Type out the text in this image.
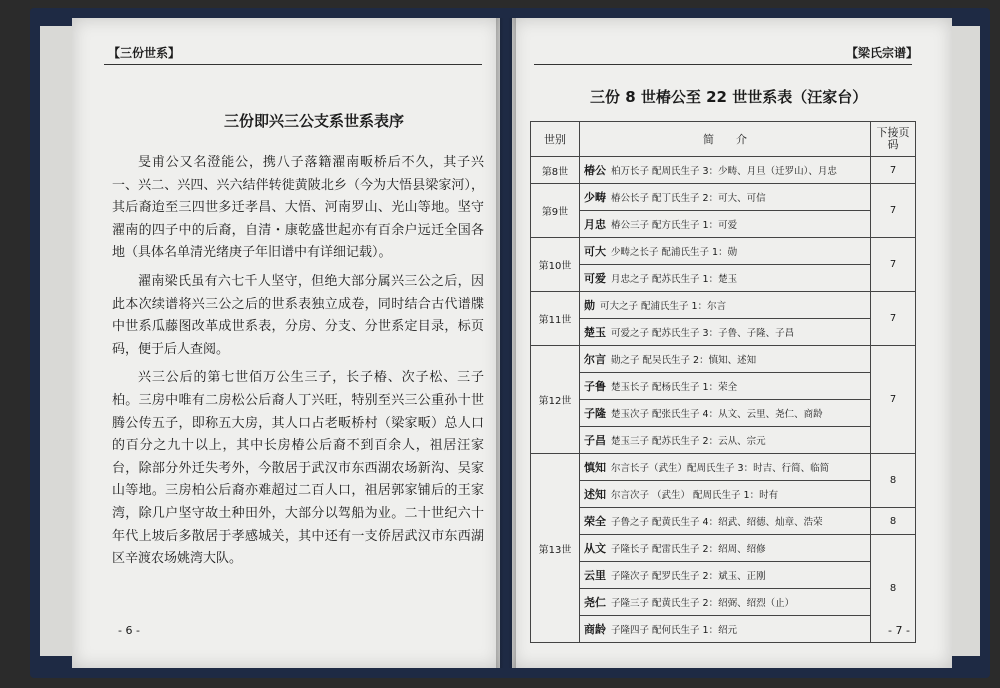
【三份世系】
三份即兴三公支系世系表序

旻甫公又名澄能公，携八子落籍濯南畈桥后不久，其子兴一、兴二、兴四、兴六结伴转徙黄陂北乡（今为大悟县梁家河），其后裔迨至三四世多迁孝昌、大悟、河南罗山、光山等地。坚守濯南的四子中的后裔，自清・康乾盛世起亦有百余户远迁全国各地（具体名单清光绪庚子年旧谱中有详细记载）。

濯南梁氏虽有六七千人坚守，但绝大部分属兴三公之后，因此本次续谱将兴三公之后的世系表独立成卷，同时结合古代谱牒中世系瓜藤图改革成世系表，分房、分支、分世系定目录，标页码，便于后人查阅。

兴三公后的第七世佰万公生三子，长子椿、次子松、三子柏。三房中唯有二房松公后裔人丁兴旺，特别至兴三公重孙十世腾公传五子，即称五大房，其人口占老畈桥村（梁家畈）总人口的百分之九十以上，其中长房椿公后裔不到百余人，祖居汪家台，除部分外迁失考外，今散居于武汉市东西湖农场新沟、吴家山等地。三房柏公后裔亦难超过二百人口，祖居郭家铺后的王家湾，除几户坚守故土种田外，大部分以驾船为业。二十世纪六十年代上坡后多散居于孝感城关，其中还有一支侨居武汉市东西湖区辛渡农场姚湾大队。

- 6 -
【梁氏宗谱】
三份 8 世椿公至 22 世世系表（汪家台）
世别	简　　介	下接页码
第8世	椿公 柏万长子 配周氏生子 3：少畴、月旦（迁罗山）、月忠	7
第9世	少畴 椿公长子 配丁氏生子 2：可大、可信	7
	月忠 椿公三子 配方氏生子 1：可爱	
第10世	可大 少畴之长子 配浦氏生子 1：勋	7
	可爱 月忠之子 配苏氏生子 1：楚玉	
第11世	勋 可大之子 配浦氏生子 1：尔言	7
	楚玉 可爱之子 配苏氏生子 3：子鲁、子隆、子昌	
第12世	尔言 勋之子 配吴氏生子 2：慎知、述知	7
	子鲁 楚玉长子 配杨氏生子 1：荣全	
	子隆 楚玉次子 配张氏生子 4：从文、云里、尧仁、商龄	
	子昌 楚玉三子 配苏氏生子 2：云从、宗元	
第13世	慎知 尔言长子（武生）配周氏生子 3：时吉、行简、临简	8
	述知 尔言次子 （武生） 配周氏生子 1：时有	
	荣全 子鲁之子 配黄氏生子 4：绍武、绍德、灿章、浩荣	8
	从文 子隆长子 配雷氏生子 2：绍周、绍修	8
	云里 子隆次子 配罗氏生子 2：斌玉、正刚	
	尧仁 子隆三子 配黄氏生子 2：绍弼、绍烈（止）	
	商龄 子隆四子 配何氏生子 1：绍元		- 7 -
